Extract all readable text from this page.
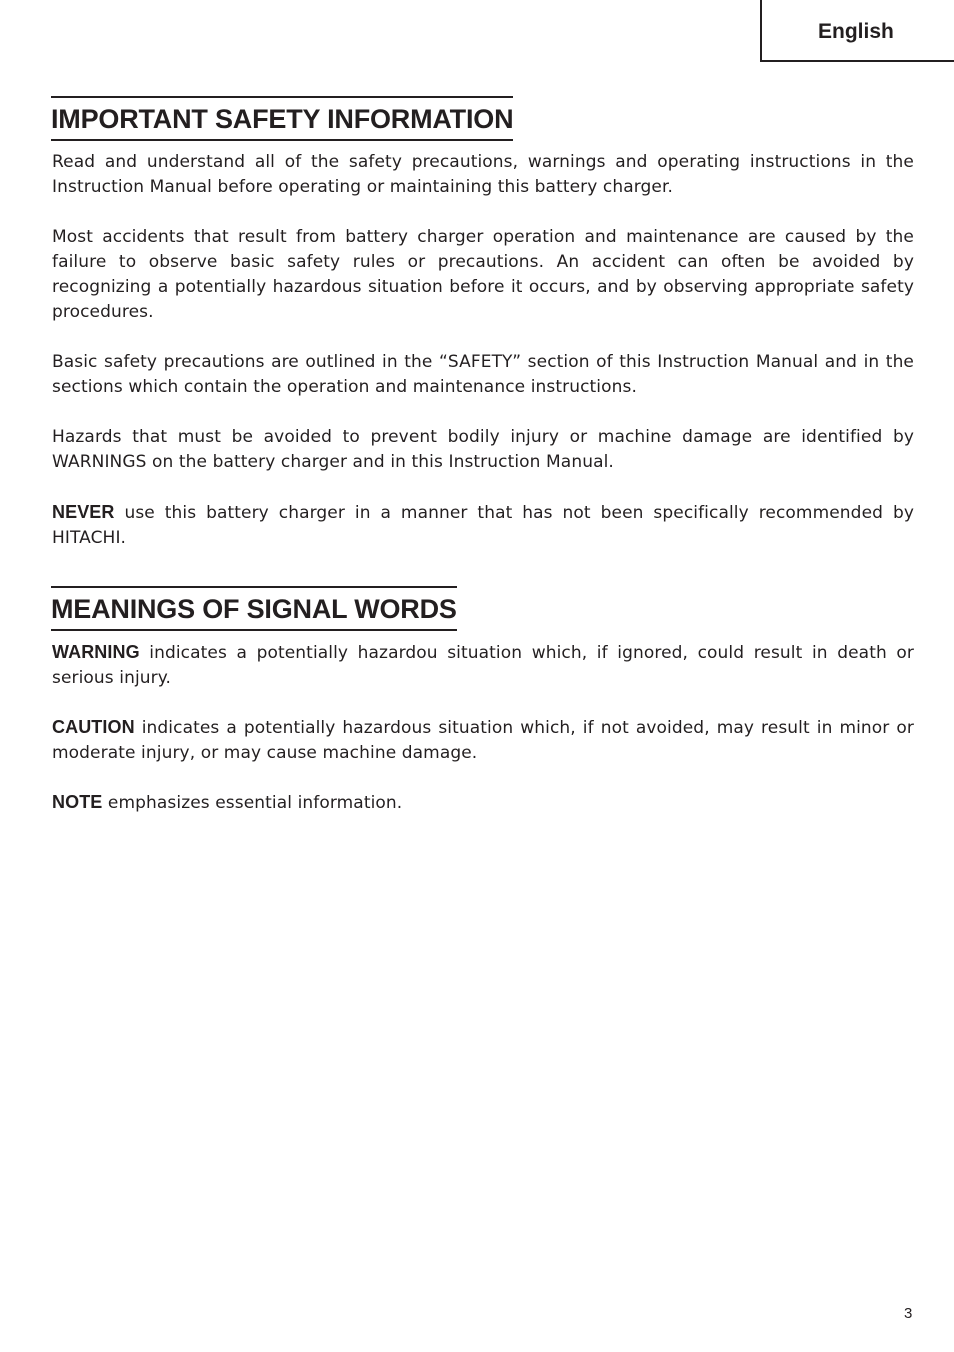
English
IMPORTANT SAFETY INFORMATION

Read and understand all of the safety precautions, warnings and operating instructions in the Instruction Manual before operating or maintaining this battery charger.

Most accidents that result from battery charger operation and maintenance are caused by the failure to observe basic safety rules or precautions. An accident can often be avoided by recognizing a potentially hazardous situation before it occurs, and by observing appropriate safety procedures.

Basic safety precautions are outlined in the “SAFETY” section of this Instruction Manual and in the sections which contain the operation and maintenance instructions.

Hazards that must be avoided to prevent bodily injury or machine damage are identified by WARNINGS on the battery charger and in this Instruction Manual.

NEVER use this battery charger in a manner that has not been specifically recommended by HITACHI.

MEANINGS OF SIGNAL WORDS

WARNING indicates a potentially hazardou situation which, if ignored, could result in death or serious injury.

CAUTION indicates a potentially hazardous situation which, if not avoided, may result in minor or moderate injury, or may cause machine damage.

NOTE emphasizes essential information.

3
